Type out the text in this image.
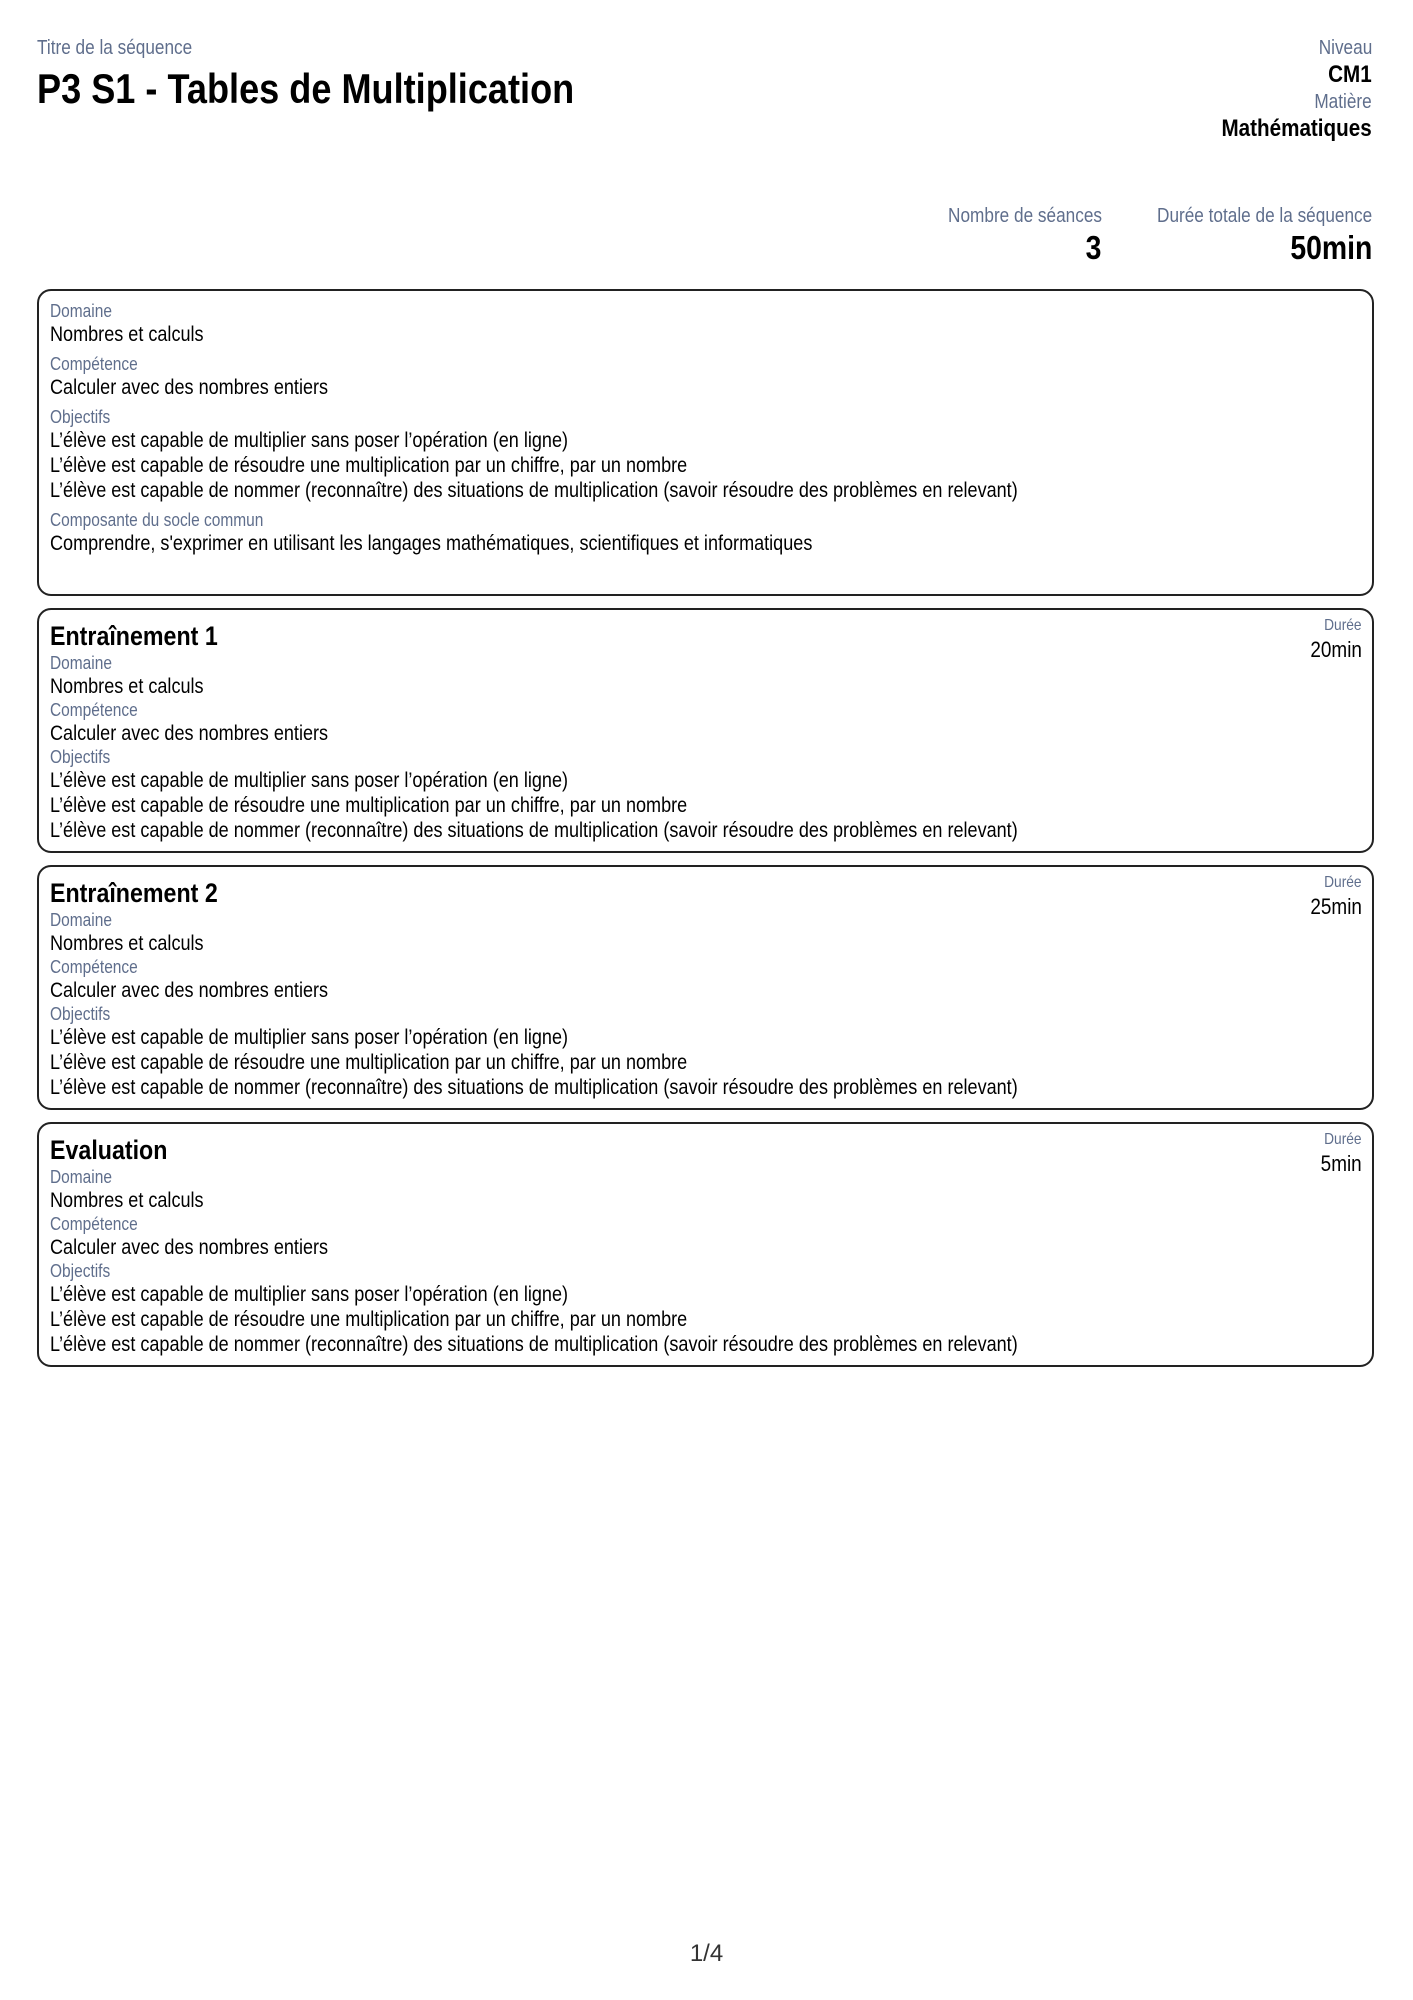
Titre de la séquence
P3 S1 - Tables de Multiplication
Niveau
CM1
Matière
Mathématiques
Nombre de séances
3
Durée totale de la séquence
50min
Domaine
Nombres et calculs
Compétence
Calculer avec des nombres entiers
Objectifs
L’élève est capable de multiplier sans poser l’opération (en ligne)
L’élève est capable de résoudre une multiplication par un chiffre, par un nombre
L’élève est capable de nommer (reconnaître) des situations de multiplication (savoir résoudre des problèmes en relevant)
Composante du socle commun
Comprendre, s'exprimer en utilisant les langages mathématiques, scientifiques et informatiques
Entraînement 1	Durée
20min
Domaine
Nombres et calculs
Compétence
Calculer avec des nombres entiers
Objectifs
L’élève est capable de multiplier sans poser l’opération (en ligne)
L’élève est capable de résoudre une multiplication par un chiffre, par un nombre
L’élève est capable de nommer (reconnaître) des situations de multiplication (savoir résoudre des problèmes en relevant)
Entraînement 2	Durée
25min
Domaine
Nombres et calculs
Compétence
Calculer avec des nombres entiers
Objectifs
L’élève est capable de multiplier sans poser l’opération (en ligne)
L’élève est capable de résoudre une multiplication par un chiffre, par un nombre
L’élève est capable de nommer (reconnaître) des situations de multiplication (savoir résoudre des problèmes en relevant)
Evaluation	Durée
5min
Domaine
Nombres et calculs
Compétence
Calculer avec des nombres entiers
Objectifs
L’élève est capable de multiplier sans poser l’opération (en ligne)
L’élève est capable de résoudre une multiplication par un chiffre, par un nombre
L’élève est capable de nommer (reconnaître) des situations de multiplication (savoir résoudre des problèmes en relevant)
1/4
